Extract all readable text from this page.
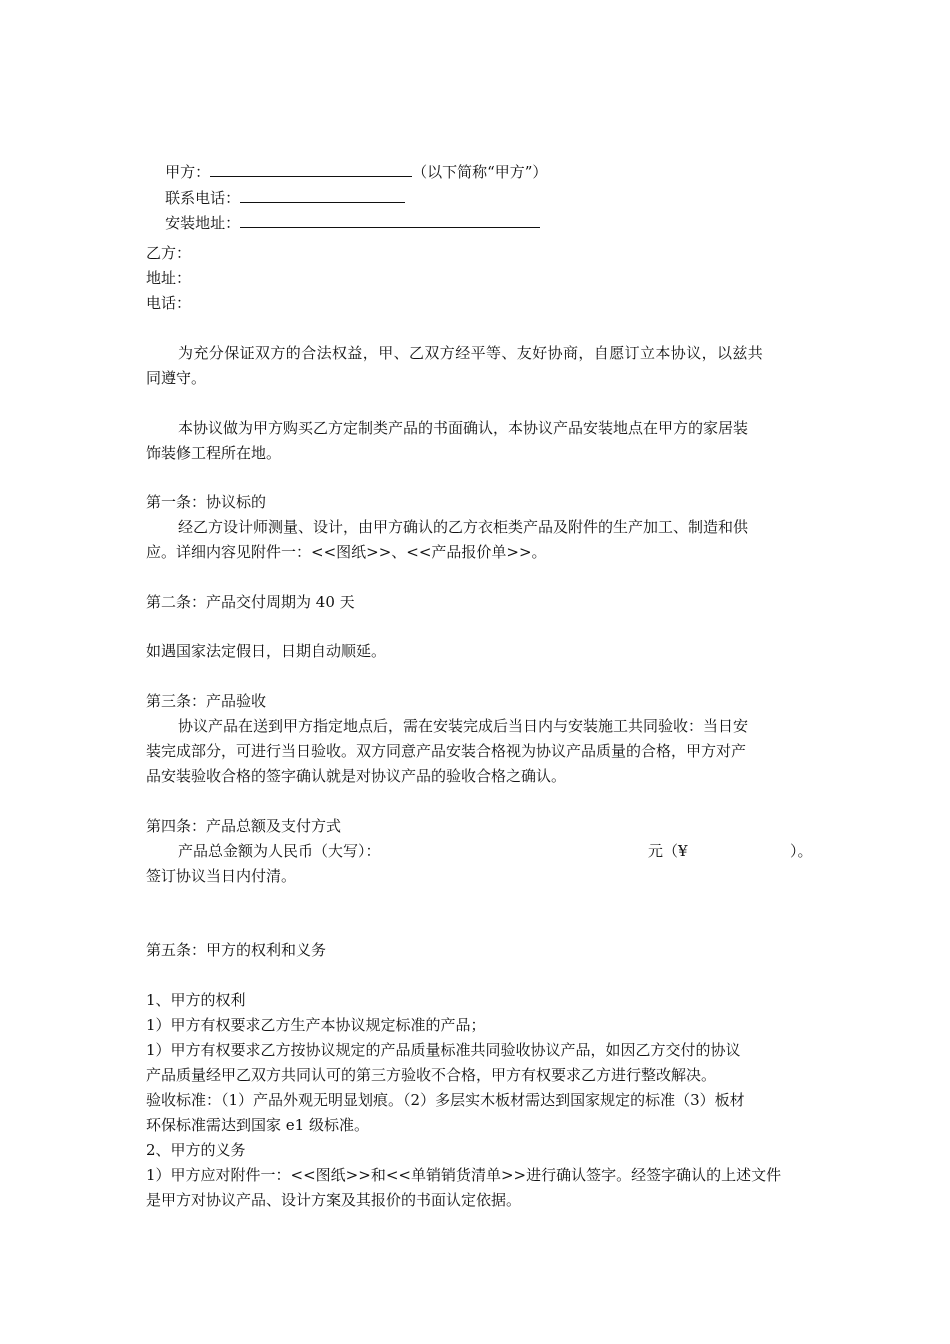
甲方：	（以下简称“甲方”）

联系电话：

安装地址：

乙方：
地址：
电话：
为充分保证双方的合法权益，甲、乙双方经平等、友好协商，自愿订立本协议，以兹共
同遵守。
本协议做为甲方购买乙方定制类产品的书面确认，本协议产品安装地点在甲方的家居装
饰装修工程所在地。
第一条：协议标的
经乙方设计师测量、设计，由甲方确认的乙方衣柜类产品及附件的生产加工、制造和供
应。详细内容见附件一：<<图纸>>、<<产品报价单>>。
第二条：产品交付周期为 40 天
如遇国家法定假日，日期自动顺延。
第三条：产品验收
协议产品在送到甲方指定地点后，需在安装完成后当日内与安装施工共同验收：当日安
装完成部分，可进行当日验收。双方同意产品安装合格视为协议产品质量的合格，甲方对产
品安装验收合格的签字确认就是对协议产品的验收合格之确认。
第四条：产品总额及支付方式
产品总金额为人民币（大写）：	元（¥	）。
签订协议当日内付清。
第五条：甲方的权利和义务
1、甲方的权利
1）甲方有权要求乙方生产本协议规定标准的产品；
1）甲方有权要求乙方按协议规定的产品质量标准共同验收协议产品，如因乙方交付的协议
产品质量经甲乙双方共同认可的第三方验收不合格，甲方有权要求乙方进行整改解决。
验收标准：（1）产品外观无明显划痕。（2）多层实木板材需达到国家规定的标准（3）板材
环保标准需达到国家 e1 级标准。
2、甲方的义务
1）甲方应对附件一：<<图纸>>和<<单销销货清单>>进行确认签字。经签字确认的上述文件
是甲方对协议产品、设计方案及其报价的书面认定依据。
